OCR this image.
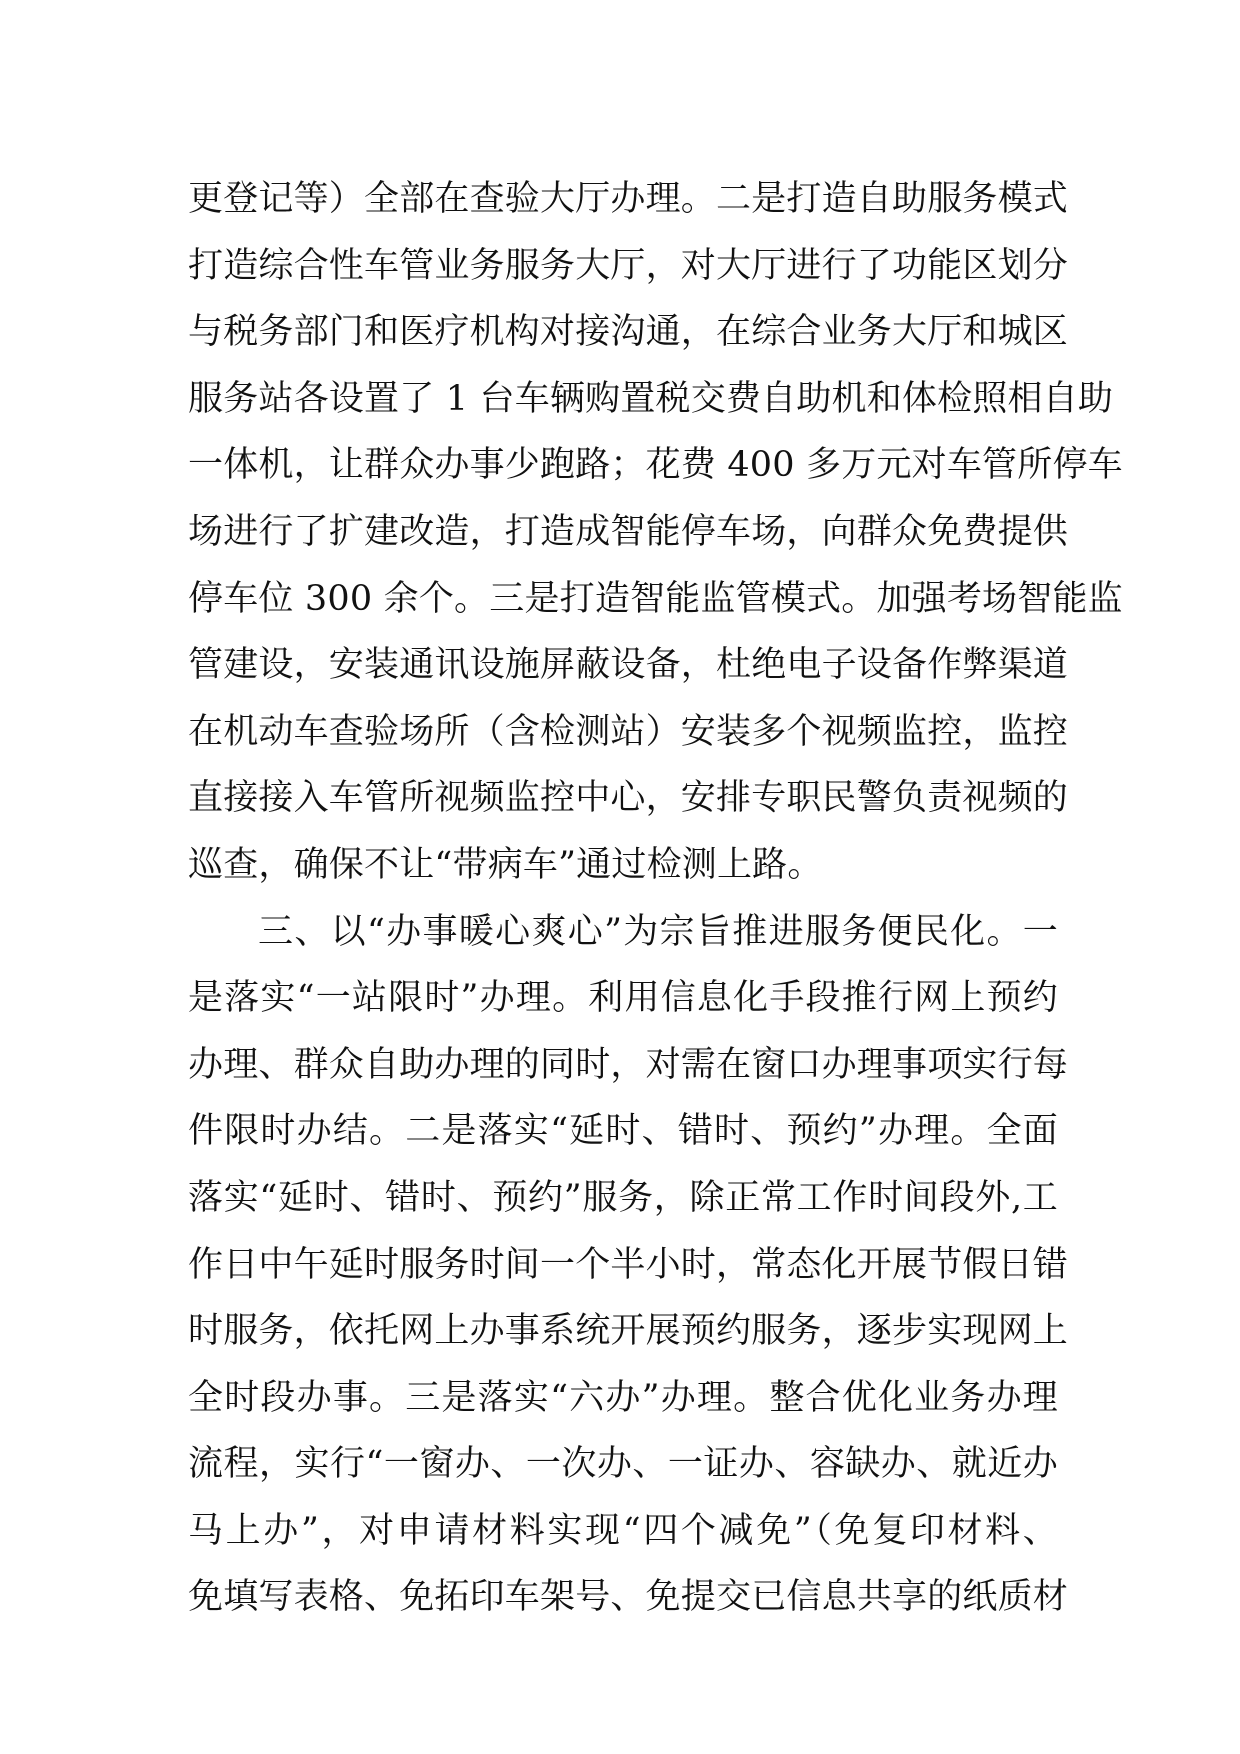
更登记等）全部在查验大厅办理。二是打造自助服务模式
打造综合性车管业务服务大厅，对大厅进行了功能区划分
与税务部门和医疗机构对接沟通，在综合业务大厅和城区
服务站各设置了 1 台车辆购置税交费自助机和体检照相自助
一体机，让群众办事少跑路；花费 400 多万元对车管所停车
场进行了扩建改造，打造成智能停车场，向群众免费提供
停车位 300 余个。三是打造智能监管模式。加强考场智能监
管建设，安装通讯设施屏蔽设备，杜绝电子设备作弊渠道
在机动车查验场所（含检测站）安装多个视频监控，监控
直接接入车管所视频监控中心，安排专职民警负责视频的
巡查，确保不让“带病车”通过检测上路。
三、以“办事暖心爽心”为宗旨推进服务便民化。一
是落实“一站限时”办理。利用信息化手段推行网上预约
办理、群众自助办理的同时，对需在窗口办理事项实行每
件限时办结。二是落实“延时、错时、预约”办理。全面
落实“延时、错时、预约”服务，除正常工作时间段外,工
作日中午延时服务时间一个半小时，常态化开展节假日错
时服务，依托网上办事系统开展预约服务，逐步实现网上
全时段办事。三是落实“六办”办理。整合优化业务办理
流程，实行“一窗办、一次办、一证办、容缺办、就近办
马上办”，对申请材料实现“四个减免”（免复印材料、
免填写表格、免拓印车架号、免提交已信息共享的纸质材
